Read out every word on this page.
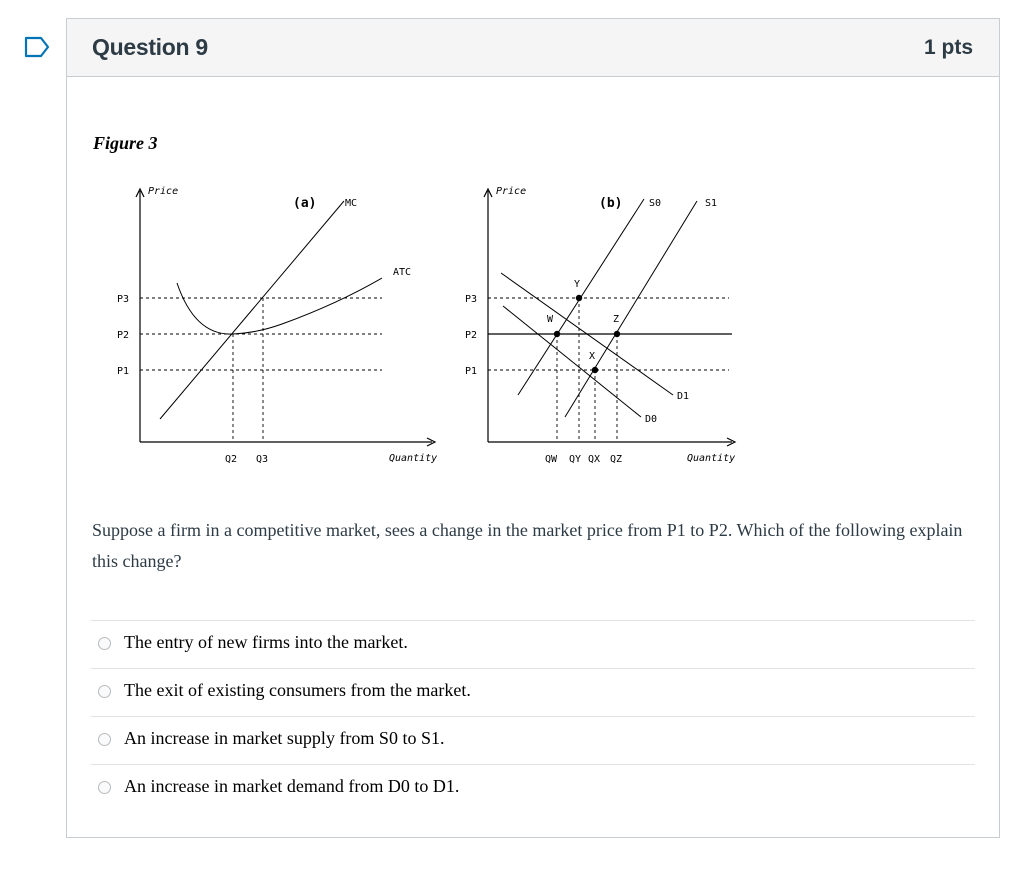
Question 9	1 pts
Figure 3
Price
Quantity
(a)
P3
P2
P1
Q2 Q3
MC
ATC
Price
Quantity
(b)
P3
P2
P1
QW QY QX QZ
S0	S1
D1
D0
Y
W	Z
X
Suppose a firm in a competitive market, sees a change in the market price from P1 to P2. Which of the following explain this change?
The entry of new firms into the market.
The exit of existing consumers from the market.
An increase in market supply from S0 to S1.
An increase in market demand from D0 to D1.
